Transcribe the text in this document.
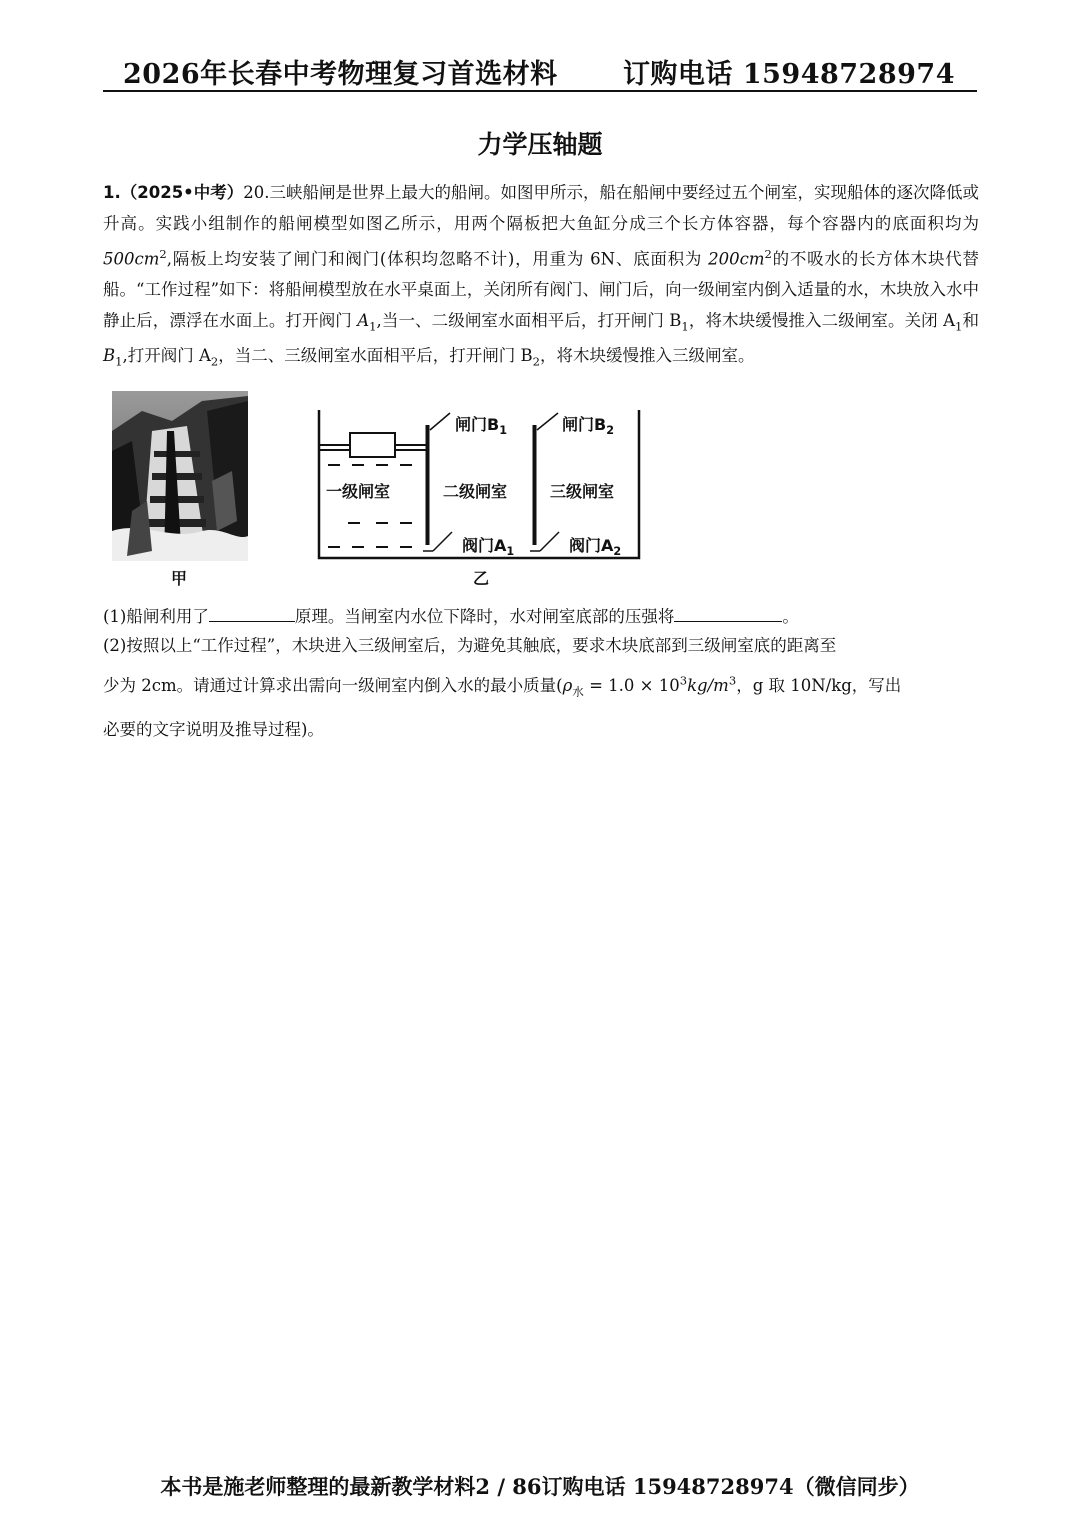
2026年长春中考物理复习首选材料 订购电话 15948728974
力学压轴题
1.（2025•中考）20.三峡船闸是世界上最大的船闸。如图甲所示，船在船闸中要经过五个闸室，实现船体的逐次降低或升高。实践小组制作的船闸模型如图乙所示，用两个隔板把大鱼缸分成三个长方体容器，每个容器内的底面积均为 $500cm^2$,隔板上均安装了闸门和阀门(体积均忽略不计)，用重为 6N、底面积为 $200cm^2$的不吸水的长方体木块代替船。“工作过程”如下：将船闸模型放在水平桌面上，关闭所有阀门、闸门后，向一级闸室内倒入适量的水，木块放入水中静止后，漂浮在水面上。打开阀门 $A_1$,当一、二级闸室水面相平后，打开闸门 $B_1$，将木块缓慢推入二级闸室。关闭 $A_1$和 $B_1$,打开阀门 $A_2$，当二、三级闸室水面相平后，打开闸门 $B_2$，将木块缓慢推入三级闸室。
甲
闸门$B_1$	闸门$B_2$
一级闸室	二级闸室	三级闸室
阀门$A_1$	阀门$A_2$
乙
(1)船闸利用了	原理。当闸室内水位下降时，水对闸室底部的压强将	。
(2)按照以上“工作过程”，木块进入三级闸室后，为避免其触底，要求木块底部到三级闸室底的距离至
少为 2cm。请通过计算求出需向一级闸室内倒入水的最小质量($\rho_水 = 1.0 \times 10^3kg/m^3$，g 取 10N/kg，写出
必要的文字说明及推导过程)。
本书是施老师整理的最新教学材料2 / 86订购电话 15948728974（微信同步）
